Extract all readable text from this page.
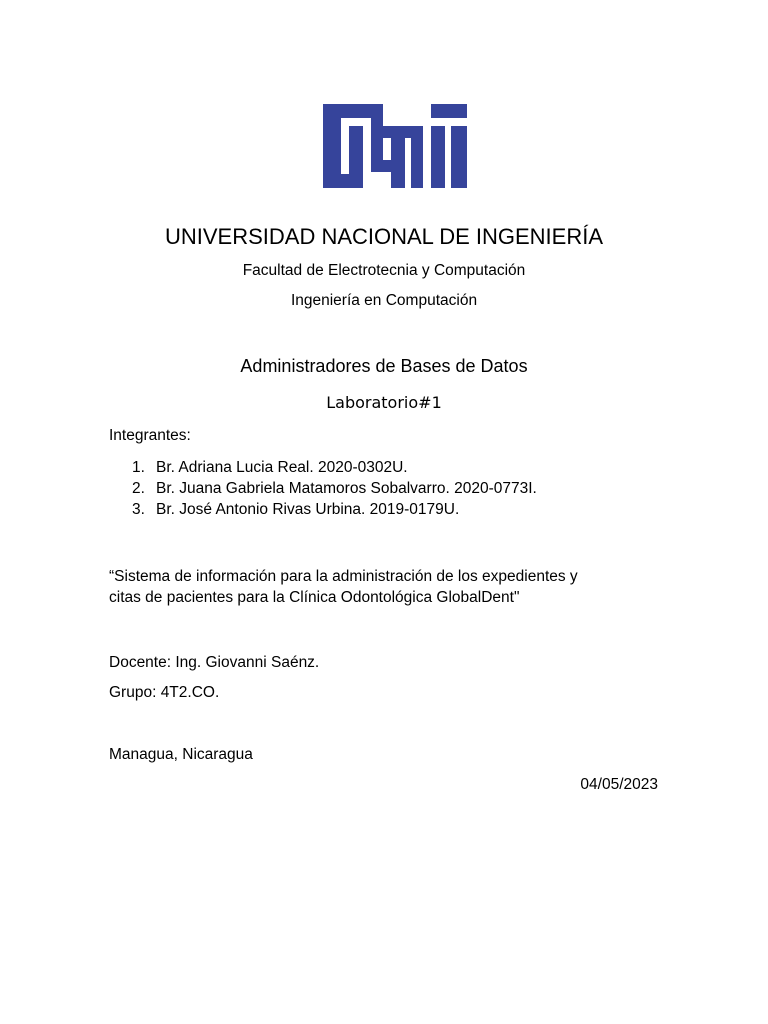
UNIVERSIDAD NACIONAL DE INGENIERÍA
Facultad de Electrotecnia y Computación
Ingeniería en Computación
Administradores de Bases de Datos
Laboratorio#1
Integrantes:
1. Br. Adriana Lucia Real. 2020-0302U.
2. Br. Juana Gabriela Matamoros Sobalvarro. 2020-0773I.
3. Br. José Antonio Rivas Urbina. 2019-0179U.
“Sistema de información para la administración de los expedientes y
citas de pacientes para la Clínica Odontológica GlobalDent"
Docente: Ing. Giovanni Saénz.
Grupo: 4T2.CO.
Managua, Nicaragua
04/05/2023
